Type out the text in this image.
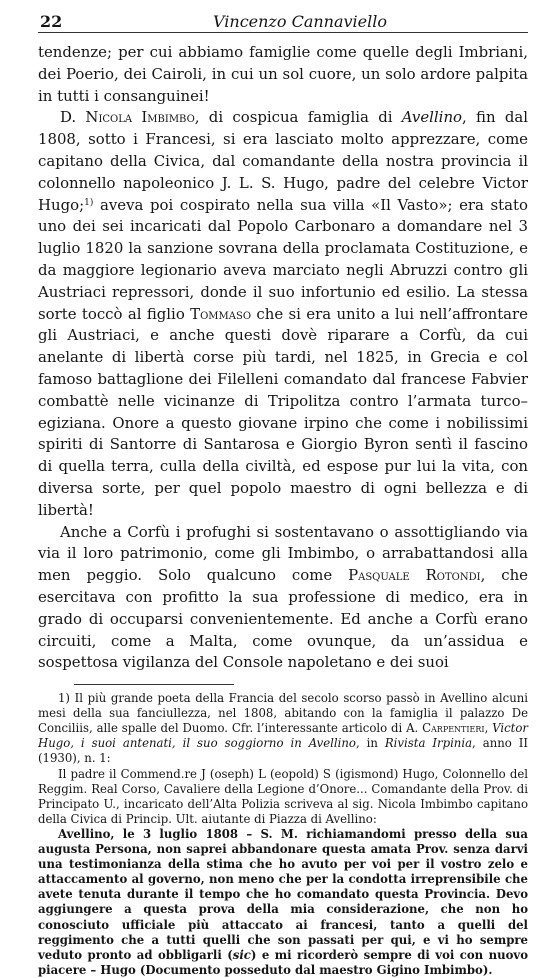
22	Vincenzo Cannaviello

tendenze; per cui abbiamo famiglie come quelle degli Imbriani, dei Poerio, dei Cairoli, in cui un sol cuore, un solo ardore palpita in tutti i consanguinei!

D. Nicola Imbimbo, di cospicua famiglia di Avellino, fin dal 1808, sotto i Francesi, si era lasciato molto apprezzare, come capitano della Civica, dal comandante della nostra provincia il colonnello napoleonico J. L. S. Hugo, padre del celebre Victor Hugo;$^{1)}$ aveva poi cospirato nella sua villa «Il Vasto»; era stato uno dei sei incaricati dal Popolo Carbonaro a domandare nel 3 luglio 1820 la sanzione sovrana della proclamata Costituzione, e da maggiore legionario aveva marciato negli Abruzzi contro gli Austriaci repressori, donde il suo infortunio ed esilio. La stessa sorte toccò al figlio Tommaso che si era unito a lui nell’affrontare gli Austriaci, e anche questi dovè riparare a Corfù, da cui anelante di libertà corse più tardi, nel 1825, in Grecia e col famoso battaglione dei Filelleni comandato dal francese Fabvier combattè nelle vicinanze di Tripolitza contro l’armata turco–egiziana. Onore a questo giovane irpino che come i nobilissimi spiriti di Santorre di Santarosa e Giorgio Byron sentì il fascino di quella terra, culla della civiltà, ed espose pur lui la vita, con diversa sorte, per quel popolo maestro di ogni bellezza e di libertà!

Anche a Corfù i profughi si sostentavano o assottigliando via via il loro patrimonio, come gli Imbimbo, o arrabattandosi alla men peggio. Solo qualcuno come Pasquale Rotondi, che esercitava con profitto la sua professione di medico, era in grado di occuparsi convenientemente. Ed anche a Corfù erano circuiti, come a Malta, come ovunque, da un’assidua e sospettosa vigilanza del Console napoletano e dei suoi

1) Il più grande poeta della Francia del secolo scorso passò in Avellino alcuni mesi della sua fanciullezza, nel 1808, abitando con la famiglia il palazzo De Conciliis, alle spalle del Duomo. Cfr. l’interessante articolo di A. Carpentieri, Victor Hugo, i suoi antenati, il suo soggiorno in Avellino, in Rivista Irpinia, anno II (1930), n. 1:

Il padre il Commend.re J (oseph) L (eopold) S (igismond) Hugo, Colonnello del Reggim. Real Corso, Cavaliere della Legione d’Onore... Comandante della Prov. di Principato U., incaricato dell’Alta Polizia scriveva al sig. Nicola Imbimbo capitano della Civica di Princip. Ult. aiutante di Piazza di Avellino:

Avellino, le 3 luglio 1808 – S. M. richiamandomi presso della sua augusta Persona, non saprei abbandonare questa amata Prov. senza darvi una testimonianza della stima che ho avuto per voi per il vostro zelo e attaccamento al governo, non meno che per la condotta irreprensibile che avete tenuta durante il tempo che ho comandato questa Provincia. Devo aggiungere a questa prova della mia considerazione, che non ho conosciuto ufficiale più attaccato ai francesi, tanto a quelli del reggimento che a tutti quelli che son passati per qui, e vi ho sempre veduto pronto ad obbligarli (sic) e mi ricorderò sempre di voi con nuovo piacere – Hugo (Documento posseduto dal maestro Gigino Imbimbo).
